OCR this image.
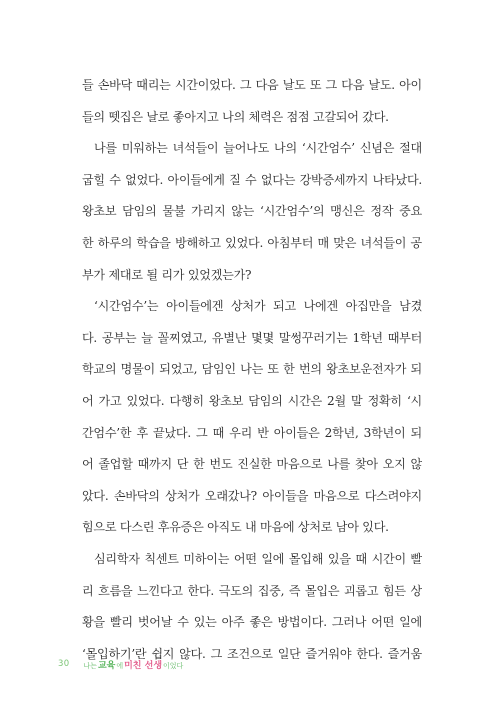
들 손바닥 때리는 시간이었다. 그 다음 날도 또 그 다음 날도. 아이
들의 뗏집은 날로 좋아지고 나의 체력은 점점 고갈되어 갔다.
나를 미워하는 녀석들이 늘어나도 나의 ‘시간엄수’ 신념은 절대
굽힐 수 없었다. 아이들에게 질 수 없다는 강박증세까지 나타났다.
왕초보 담임의 물불 가리지 않는 ‘시간엄수’의 맹신은 정작 중요
한 하루의 학습을 방해하고 있었다. 아침부터 매 맞은 녀석들이 공
부가 제대로 될 리가 있었겠는가?
‘시간엄수’는 아이들에겐 상처가 되고 나에겐 아집만을 남겼
다. 공부는 늘 꼴찌였고, 유별난 몇몇 말썽꾸러기는 1학년 때부터
학교의 명물이 되었고, 담임인 나는 또 한 번의 왕초보운전자가 되
어 가고 있었다. 다행히 왕초보 담임의 시간은 2월 말 정확히 ‘시
간엄수’한 후 끝났다. 그 때 우리 반 아이들은 2학년, 3학년이 되
어 졸업할 때까지 단 한 번도 진실한 마음으로 나를 찾아 오지 않
았다. 손바닥의 상처가 오래갔나? 아이들을 마음으로 다스려야지
힘으로 다스린 후유증은 아직도 내 마음에 상처로 남아 있다.
심리학자 칙센트 미하이는 어떤 일에 몰입해 있을 때 시간이 빨
리 흐름을 느낀다고 한다. 극도의 집중, 즉 몰입은 괴롭고 힘든 상
황을 빨리 벗어날 수 있는 아주 좋은 방법이다. 그러나 어떤 일에
‘몰입하기’란 쉽지 않다. 그 조건으로 일단 즐거워야 한다. 즐거움
30 나는 교육 에 미친 선생 이었다
